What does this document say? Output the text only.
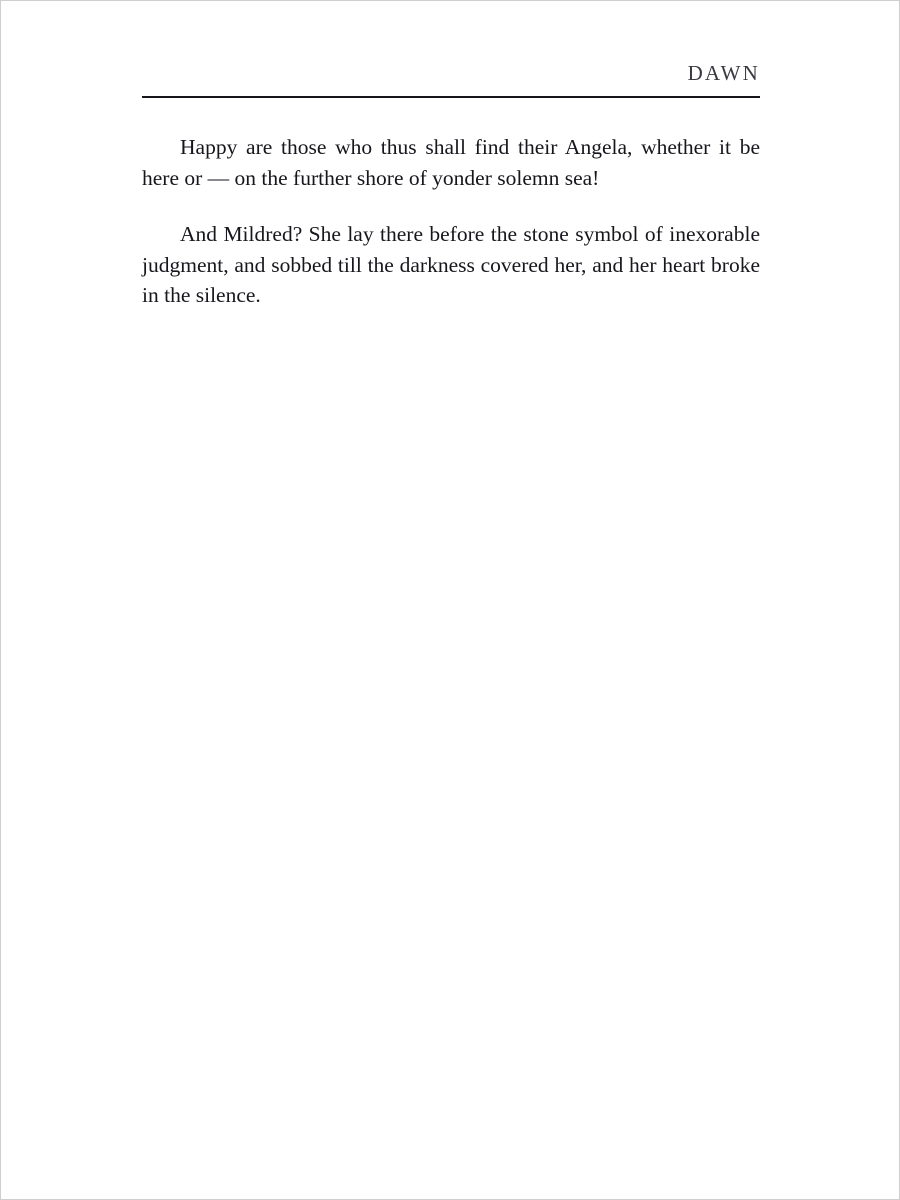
DAWN

Happy are those who thus shall find their Angela, whether it be here or — on the further shore of yonder solemn sea!

And Mildred? She lay there before the stone symbol of inexorable judgment, and sobbed till the darkness covered her, and her heart broke in the silence.
